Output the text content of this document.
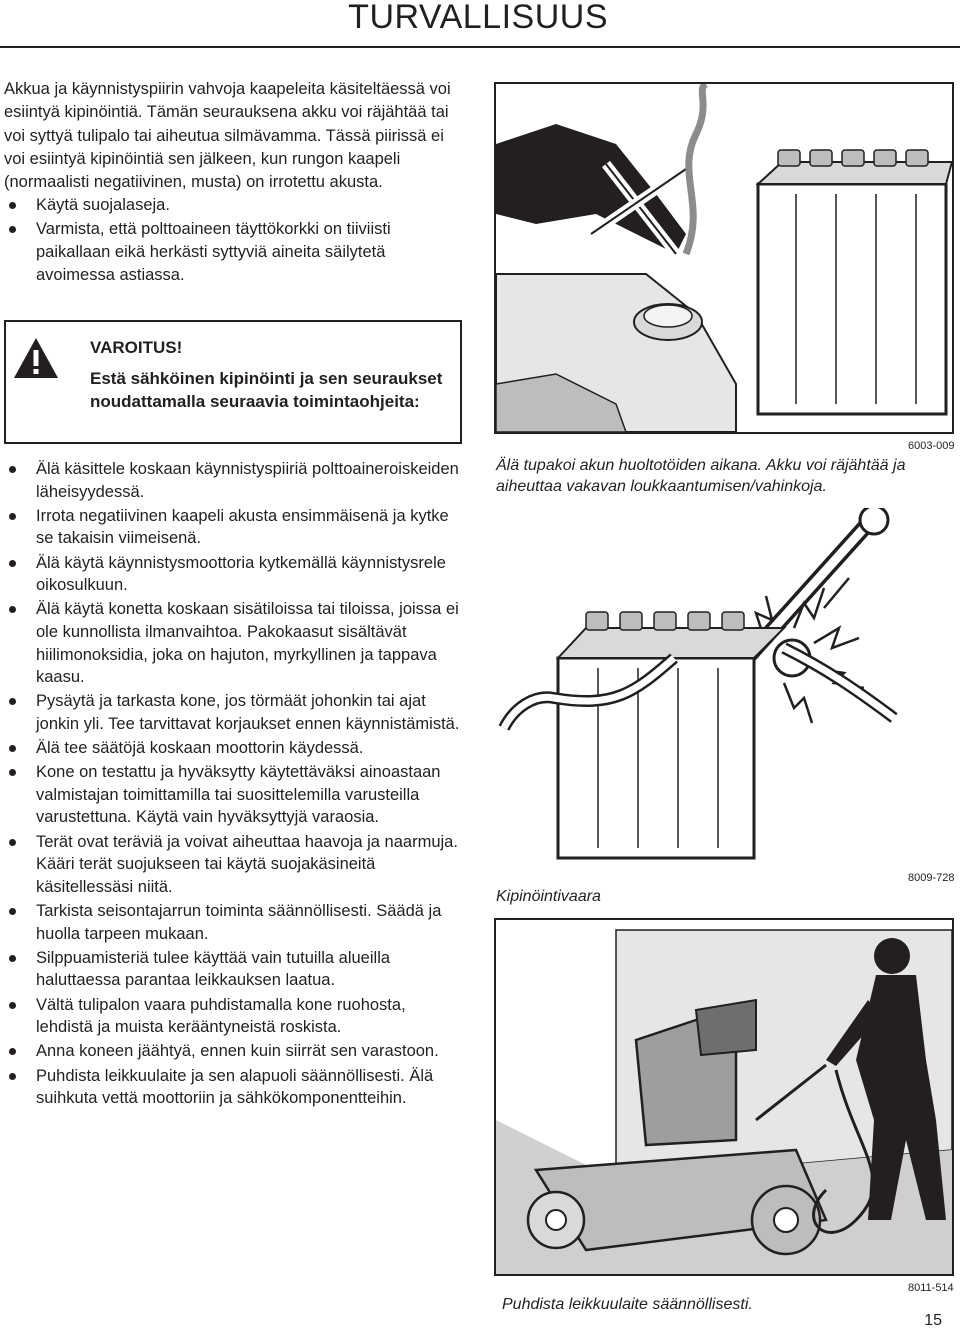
TURVALLISUUS
Akkua ja käynnistyspiirin vahvoja kaapeleita käsiteltäessä voi esiintyä kipinöintiä. Tämän seurauksena akku voi räjähtää tai voi syttyä tulipalo tai aiheutua silmävamma. Tässä piirissä ei voi esiintyä kipinöintiä sen jälkeen, kun rungon kaapeli (normaalisti negatiivinen, musta) on irrotettu akusta.
Käytä suojalaseja.
Varmista, että polttoaineen täyttökorkki on tiiviisti paikallaan eikä herkästi syttyviä aineita säilytetä avoimessa astiassa.
VAROITUS!
Estä sähköinen kipinöinti ja sen seuraukset noudattamalla seuraavia toimintaohjeita:
Älä käsittele koskaan käynnistyspiiriä polttoaineroiskeiden läheisyydessä.
Irrota negatiivinen kaapeli akusta ensimmäisenä ja kytke se takaisin viimeisenä.
Älä käytä käynnistysmoottoria kytkemällä käynnistysrele oikosulkuun.
Älä käytä konetta koskaan sisätiloissa tai tiloissa, joissa ei ole kunnollista ilmanvaihtoa. Pakokaasut sisältävät hiilimonoksidia, joka on hajuton, myrkyllinen ja tappava kaasu.
Pysäytä ja tarkasta kone, jos törmäät johonkin tai ajat jonkin yli. Tee tarvittavat korjaukset ennen käynnistämistä.
Älä tee säätöjä koskaan moottorin käydessä.
Kone on testattu ja hyväksytty käytettäväksi ainoastaan valmistajan toimittamilla tai suosittelemilla varusteilla varustettuna. Käytä vain hyväksyttyjä varaosia.
Terät ovat teräviä ja voivat aiheuttaa haavoja ja naarmuja. Kääri terät suojukseen tai käytä suojakäsineitä käsitellessäsi niitä.
Tarkista seisontajarrun toiminta säännöllisesti. Säädä ja huolla tarpeen mukaan.
Silppuamisteriä tulee käyttää vain tutuilla alueilla haluttaessa parantaa leikkauksen laatua.
Vältä tulipalon vaara puhdistamalla kone ruohosta, lehdistä ja muista kerääntyneistä roskista.
Anna koneen jäähtyä, ennen kuin siirrät sen varastoon.
Puhdista leikkuulaite ja sen alapuoli säännöllisesti. Älä suihkuta vettä moottoriin ja sähkökomponentteihin.
6003-009
Älä tupakoi akun huoltotöiden aikana. Akku voi räjähtää ja aiheuttaa vakavan loukkaantumisen/vahinkoja.
Kipinöintivaara
8009-728
8011-514
Puhdista leikkuulaite säännöllisesti.
15
